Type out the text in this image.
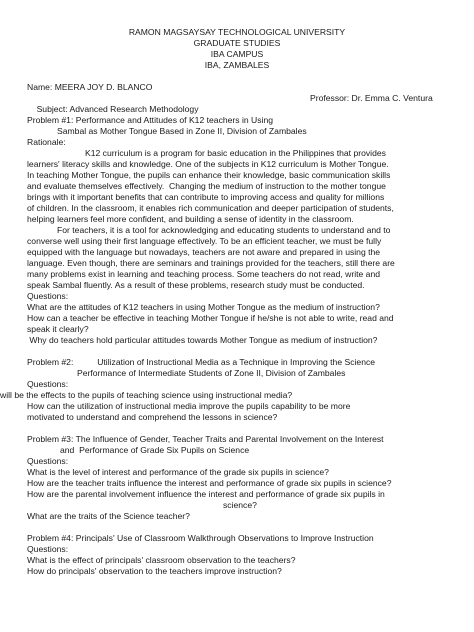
RAMON MAGSAYSAY TECHNOLOGICAL UNIVERSITY
GRADUATE STUDIES
IBA CAMPUS
IBA, ZAMBALES
Name: MEERA JOY D. BLANCO

Subject: Advanced Research Methodology

Professor: Dr. Emma C. Ventura

Problem #1: Performance and Attitudes of K12 teachers in Using
Sambal as Mother Tongue Based in Zone II, Division of Zambales
Rationale:
K12 curriculum is a program for basic education in the Philippines that provides
learners' literacy skills and knowledge. One of the subjects in K12 curriculum is Mother Tongue.
In teaching Mother Tongue, the pupils can enhance their knowledge, basic communication skills
and evaluate themselves effectively.  Changing the medium of instruction to the mother tongue
brings with it important benefits that can contribute to improving access and quality for millions
of children. In the classroom, it enables rich communication and deeper participation of students,
helping learners feel more confident, and building a sense of identity in the classroom.
For teachers, it is a tool for acknowledging and educating students to understand and to
converse well using their first language effectively. To be an efficient teacher, we must be fully
equipped with the language but nowadays, teachers are not aware and prepared in using the
language. Even though, there are seminars and trainings provided for the teachers, still there are
many problems exist in learning and teaching process. Some teachers do not read, write and
speak Sambal fluently. As a result of these problems, research study must be conducted.
Questions:
What are the attitudes of K12 teachers in using Mother Tongue as the medium of instruction?
How can a teacher be effective in teaching Mother Tongue if he/she is not able to write, read and
speak it clearly?
Why do teachers hold particular attitudes towards Mother Tongue as medium of instruction?
Problem #2:          Utilization of Instructional Media as a Technique in Improving the Science
Performance of Intermediate Students of Zone II, Division of Zambales
Questions:
will be the effects to the pupils of teaching science using instructional media?
How can the utilization of instructional media improve the pupils capability to be more
motivated to understand and comprehend the lessons in science?
Problem #3: The Influence of Gender, Teacher Traits and Parental Involvement on the Interest
and  Performance of Grade Six Pupils on Science
Questions:
What is the level of interest and performance of the grade six pupils in science?
How are the teacher traits influence the interest and performance of grade six pupils in science?
How are the parental involvement influence the interest and performance of grade six pupils in
science?
What are the traits of the Science teacher?
Problem #4: Principals' Use of Classroom Walkthrough Observations to Improve Instruction
Questions:
What is the effect of principals' classroom observation to the teachers?
How do principals' observation to the teachers improve instruction?
